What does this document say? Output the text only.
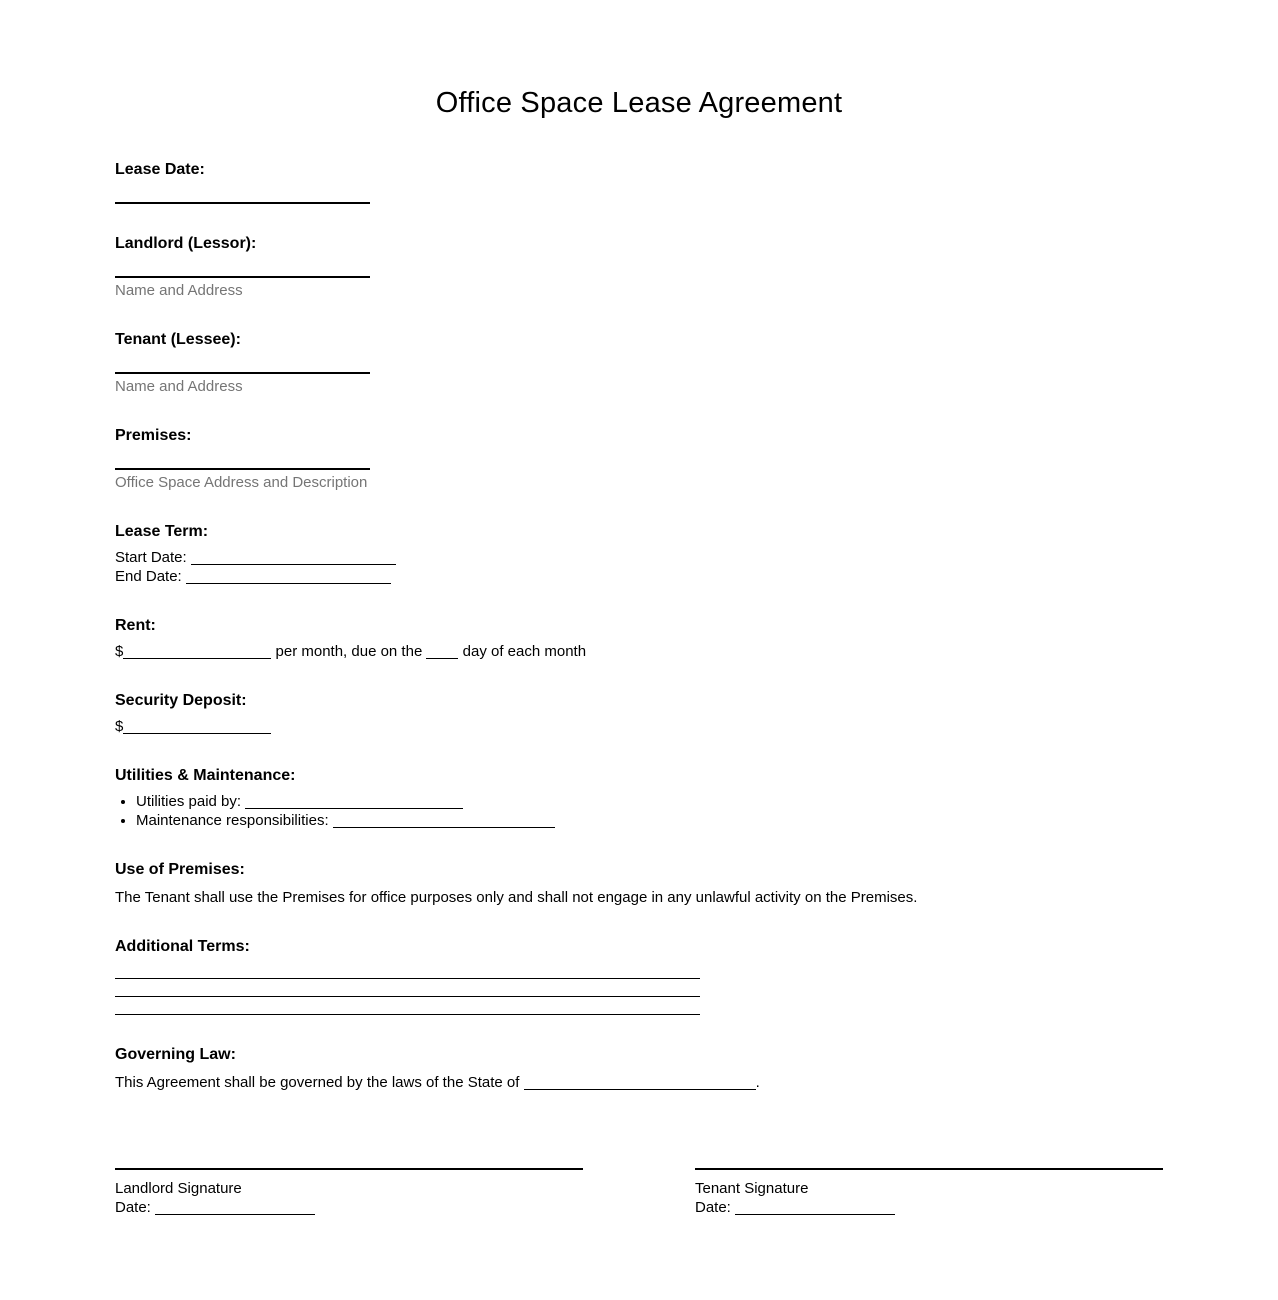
Office Space Lease Agreement
Lease Date:
Landlord (Lessor):
Name and Address
Tenant (Lessee):
Name and Address
Premises:
Office Space Address and Description
Lease Term:
Start Date:
End Date:
Rent:
$	per month, due on the	day of each month
Security Deposit:
$
Utilities & Maintenance:
• Utilities paid by:
• Maintenance responsibilities:
Use of Premises:
The Tenant shall use the Premises for office purposes only and shall not engage in any unlawful activity on the Premises.
Additional Terms:
Governing Law:
This Agreement shall be governed by the laws of the State of	.
Landlord Signature
Date:
Tenant Signature
Date:
